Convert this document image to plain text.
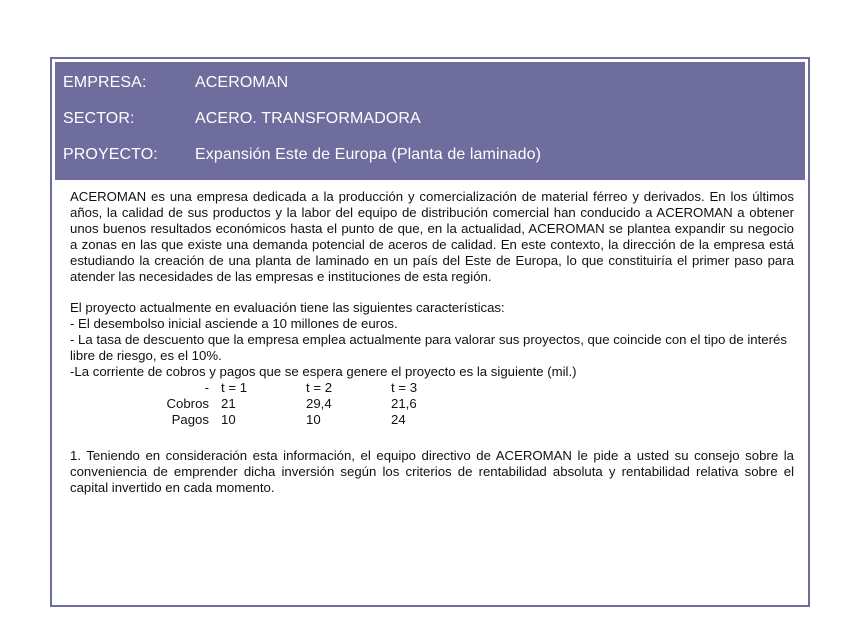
EMPRESA:	ACEROMAN
SECTOR:	ACERO. TRANSFORMADORA
PROYECTO: Expansión Este de Europa (Planta de laminado)

ACEROMAN es una empresa dedicada a la producción y comercialización de material férreo y derivados. En los últimos años, la calidad de sus productos y la labor del equipo de distribución comercial han conducido a ACEROMAN a obtener unos buenos resultados económicos hasta el punto de que, en la actualidad, ACEROMAN se plantea expandir su negocio a zonas en las que existe una demanda potencial de aceros de calidad. En este contexto, la dirección de la empresa está estudiando la creación de una planta de laminado en un país del Este de Europa, lo que constituiría el primer paso para atender las necesidades de las empresas e instituciones de esta región.

El proyecto actualmente en evaluación tiene las siguientes características:

- El desembolso inicial asciende a 10 millones de euros.

- La tasa de descuento que la empresa emplea actualmente para valorar sus proyectos, que coincide con el tipo de interés libre de riesgo, es el 10%.

-La corriente de cobros y pagos que se espera genere el proyecto es la siguiente (mil.)

-	t = 1	t = 2	t = 3
Cobros	21	29,4	21,6
Pagos	10	10	24

1. Teniendo en consideración esta información, el equipo directivo de ACEROMAN le pide a usted su consejo sobre la conveniencia de emprender dicha inversión según los criterios de rentabilidad absoluta y rentabilidad relativa sobre el capital invertido en cada momento.
